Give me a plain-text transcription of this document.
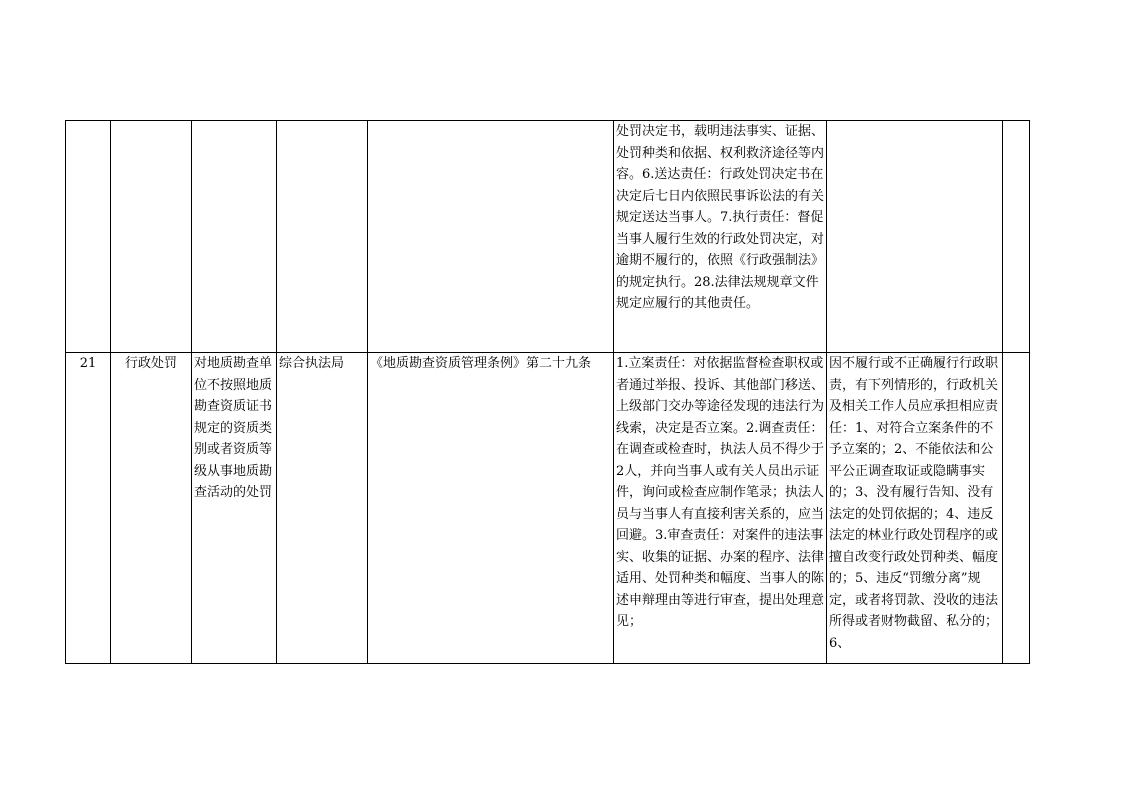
					处罚决定书，载明违法事实、证据、处罚种类和依据、权利救济途径等内容。6.送达责任：行政处罚决定书在决定后七日内依照民事诉讼法的有关规定送达当事人。7.执行责任：督促当事人履行生效的行政处罚决定，对逾期不履行的，依照《行政强制法》的规定执行。28.法律法规规章文件规定应履行的其他责任。		
21	行政处罚	对地质勘查单位不按照地质勘查资质证书规定的资质类别或者资质等级从事地质勘查活动的处罚	综合执法局	《地质勘查资质管理条例》第二十九条	1.立案责任：对依据监督检查职权或者通过举报、投诉、其他部门移送、上级部门交办等途径发现的违法行为线索，决定是否立案。2.调查责任：在调查或检查时，执法人员不得少于2人，并向当事人或有关人员出示证件，询问或检查应制作笔录；执法人员与当事人有直接利害关系的，应当回避。3.审查责任：对案件的违法事实、收集的证据、办案的程序、法律适用、处罚种类和幅度、当事人的陈述申辩理由等进行审查，提出处理意见；	因不履行或不正确履行行政职责，有下列情形的，行政机关及相关工作人员应承担相应责任：1、对符合立案条件的不予立案的；2、不能依法和公平公正调查取证或隐瞒事实的；3、没有履行告知、没有法定的处罚依据的；4、违反法定的林业行政处罚程序的或擅自改变行政处罚种类、幅度的；5、违反“罚缴分离”规定，或者将罚款、没收的违法所得或者财物截留、私分的；6、	
